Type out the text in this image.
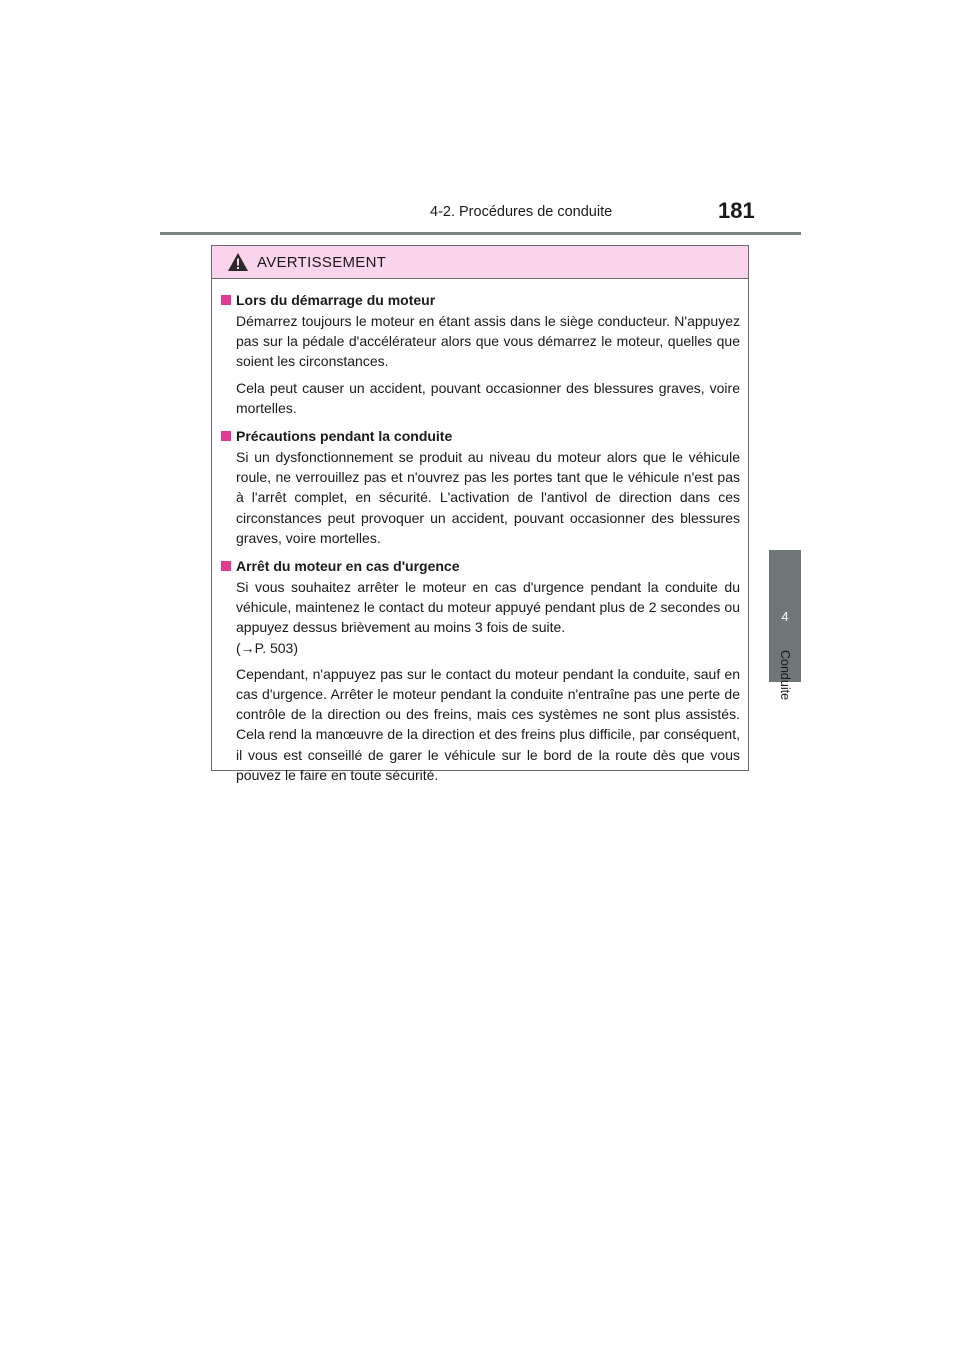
4-2. Procédures de conduite	181
4
Conduite
AVERTISSEMENT
Lors du démarrage du moteur

Démarrez toujours le moteur en étant assis dans le siège conducteur. N'appuyez pas sur la pédale d'accélérateur alors que vous démarrez le moteur, quelles que soient les circonstances.

Cela peut causer un accident, pouvant occasionner des blessures graves, voire mortelles.

Précautions pendant la conduite

Si un dysfonctionnement se produit au niveau du moteur alors que le véhicule roule, ne verrouillez pas et n'ouvrez pas les portes tant que le véhicule n'est pas à l'arrêt complet, en sécurité. L'activation de l'antivol de direction dans ces circonstances peut provoquer un accident, pouvant occasionner des blessures graves, voire mortelles.

Arrêt du moteur en cas d'urgence

Si vous souhaitez arrêter le moteur en cas d'urgence pendant la conduite du véhicule, maintenez le contact du moteur appuyé pendant plus de 2 secondes ou appuyez dessus brièvement au moins 3 fois de suite.

(→P. 503)

Cependant, n'appuyez pas sur le contact du moteur pendant la conduite, sauf en cas d'urgence. Arrêter le moteur pendant la conduite n'entraîne pas une perte de contrôle de la direction ou des freins, mais ces systèmes ne sont plus assistés. Cela rend la manœuvre de la direction et des freins plus difficile, par conséquent, il vous est conseillé de garer le véhicule sur le bord de la route dès que vous pouvez le faire en toute sécurité.
